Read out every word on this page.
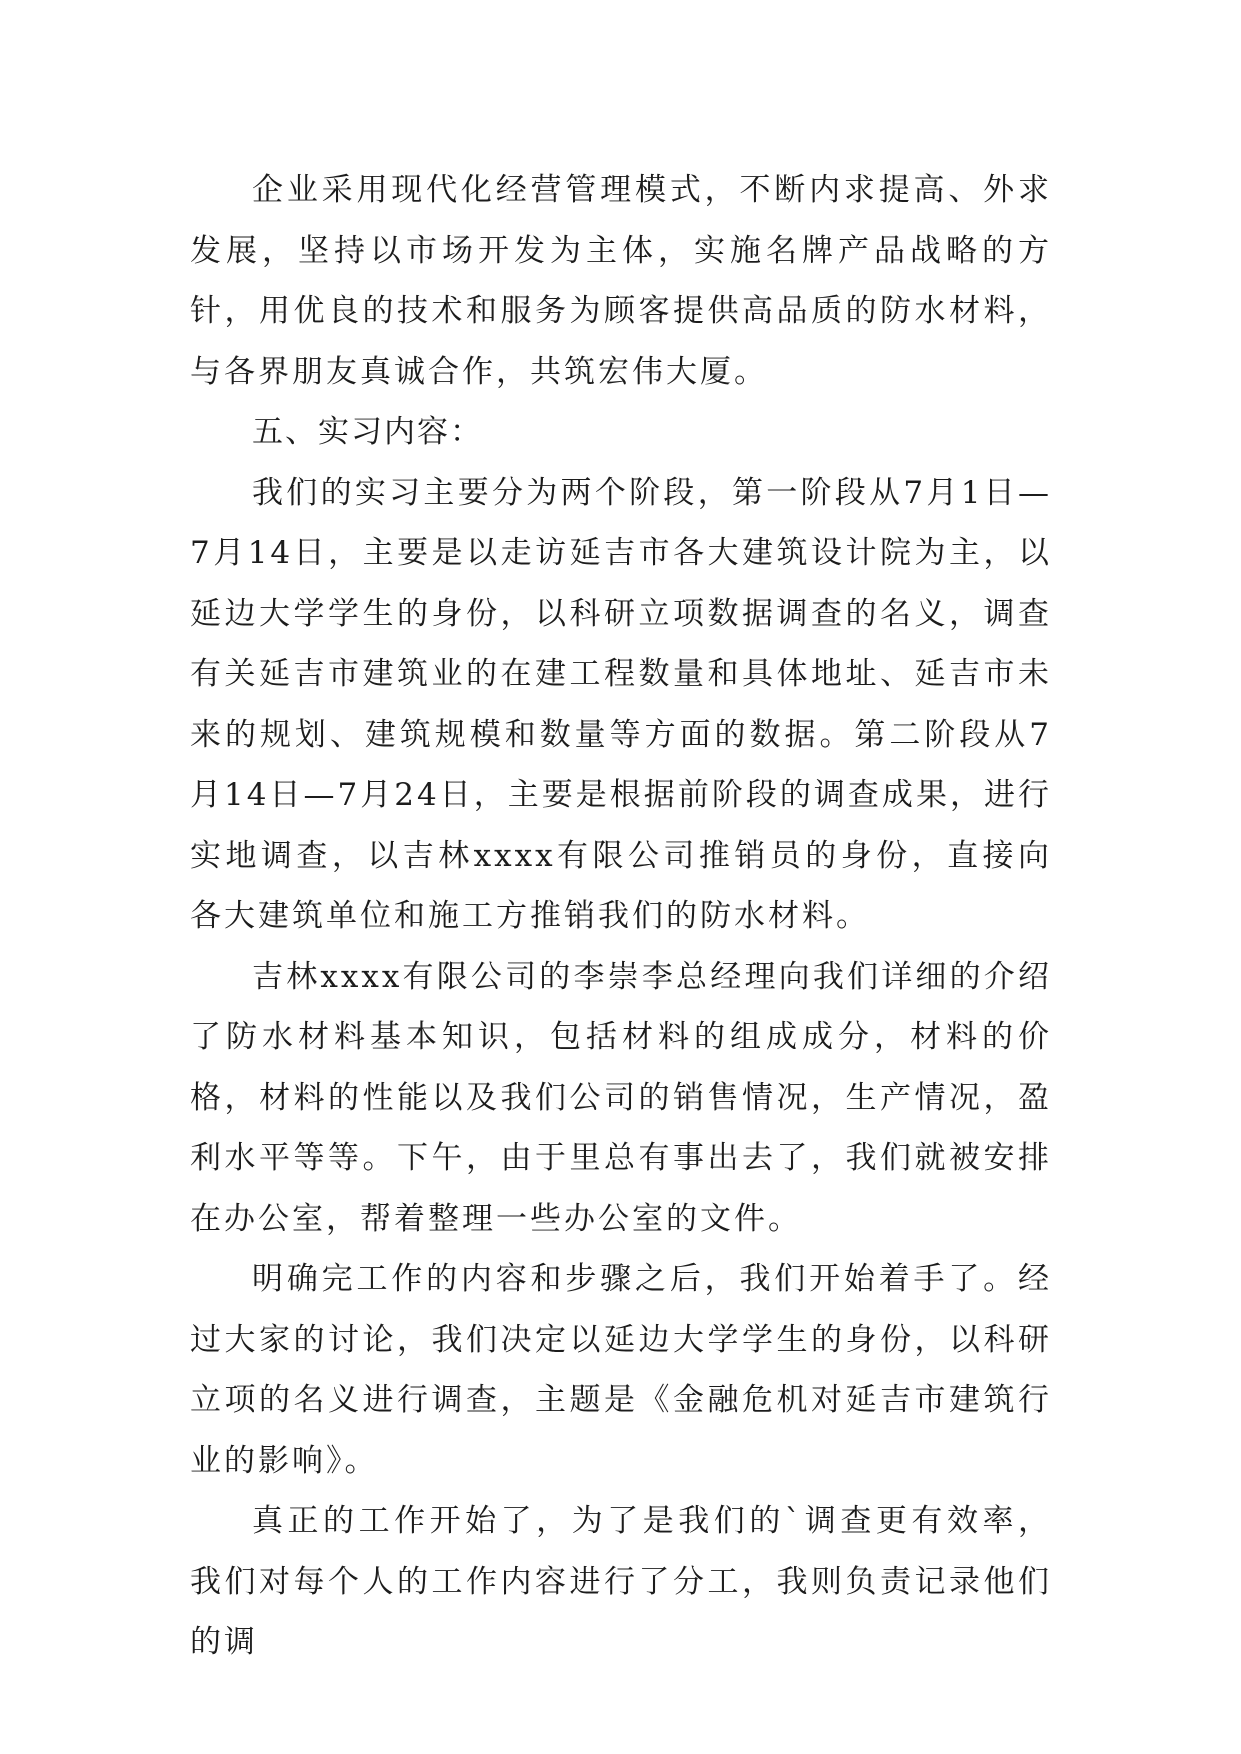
企业采用现代化经营管理模式，不断内求提高、外求发展，坚持以市场开发为主体，实施名牌产品战略的方针，用优良的技术和服务为顾客提供高品质的防水材料，与各界朋友真诚合作，共筑宏伟大厦。

五、实习内容：

我们的实习主要分为两个阶段，第一阶段从7月1日—7月14日，主要是以走访延吉市各大建筑设计院为主，以延边大学学生的身份，以科研立项数据调查的名义，调查有关延吉市建筑业的在建工程数量和具体地址、延吉市未来的规划、建筑规模和数量等方面的数据。第二阶段从7月14日—7月24日，主要是根据前阶段的调查成果，进行实地调查，以吉林xxxx有限公司推销员的身份，直接向各大建筑单位和施工方推销我们的防水材料。

吉林xxxx有限公司的李崇李总经理向我们详细的介绍了防水材料基本知识，包括材料的组成成分，材料的价格，材料的性能以及我们公司的销售情况，生产情况，盈利水平等等。下午，由于里总有事出去了，我们就被安排在办公室，帮着整理一些办公室的文件。

明确完工作的内容和步骤之后，我们开始着手了。经过大家的讨论，我们决定以延边大学学生的身份，以科研立项的名义进行调查，主题是《金融危机对延吉市建筑行业的影响》。

真正的工作开始了，为了是我们的`调查更有效率，我们对每个人的工作内容进行了分工，我则负责记录他们的调
